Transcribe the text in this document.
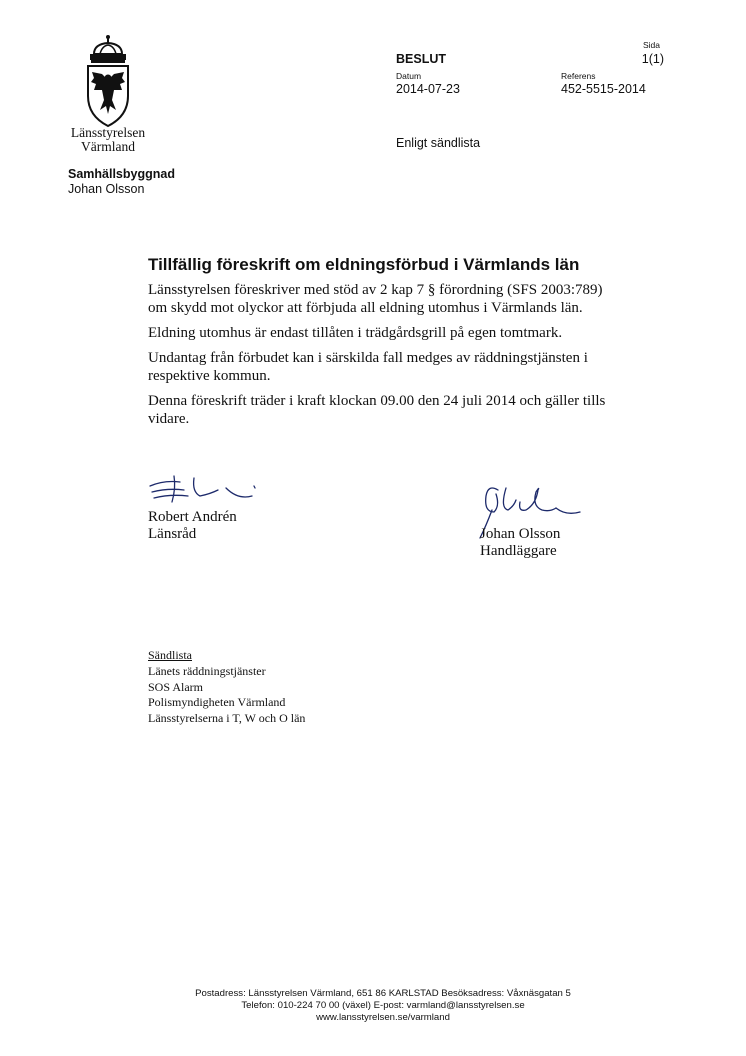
Länsstyrelsen
Värmland
Samhällsbyggnad
Johan Olsson
Sida
1(1)
BESLUT
Datum
2014-07-23
Referens
452-5515-2014
Enligt sändlista
Tillfällig föreskrift om eldningsförbud i Värmlands län
Länsstyrelsen föreskriver med stöd av 2 kap 7 § förordning (SFS 2003:789) om skydd mot olyckor att förbjuda all eldning utomhus i Värmlands län.
Eldning utomhus är endast tillåten i trädgårdsgrill på egen tomtmark.
Undantag från förbudet kan i särskilda fall medges av räddningstjänsten i respektive kommun.
Denna föreskrift träder i kraft klockan 09.00 den 24 juli 2014 och gäller tills vidare.
Robert Andrén
Länsråd	Johan Olsson
Handläggare
Sändlista
Länets räddningstjänster
SOS Alarm
Polismyndigheten Värmland
Länsstyrelserna i T, W och O län
Postadress: Länsstyrelsen Värmland, 651 86 KARLSTAD Besöksadress: Våxnäsgatan 5
Telefon: 010-224 70 00 (växel) E-post: varmland@lansstyrelsen.se
www.lansstyrelsen.se/varmland
